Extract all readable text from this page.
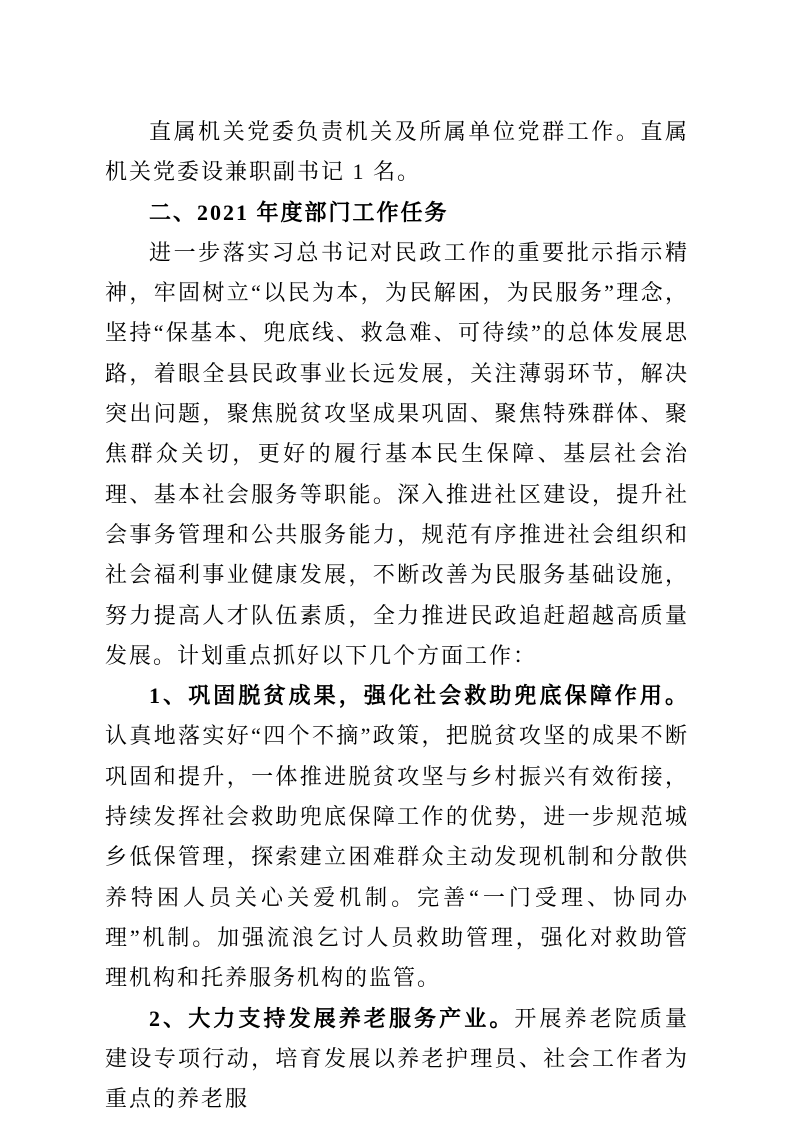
直属机关党委负责机关及所属单位党群工作。直属机关党委设兼职副书记 1 名。

二、2021 年度部门工作任务

进一步落实习总书记对民政工作的重要批示指示精神，牢固树立“以民为本，为民解困，为民服务”理念，坚持“保基本、兜底线、救急难、可待续”的总体发展思路，着眼全县民政事业长远发展，关注薄弱环节，解决突出问题，聚焦脱贫攻坚成果巩固、聚焦特殊群体、聚焦群众关切，更好的履行基本民生保障、基层社会治理、基本社会服务等职能。深入推进社区建设，提升社会事务管理和公共服务能力，规范有序推进社会组织和社会福利事业健康发展，不断改善为民服务基础设施，努力提高人才队伍素质，全力推进民政追赶超越高质量发展。计划重点抓好以下几个方面工作：

1、巩固脱贫成果，强化社会救助兜底保障作用。认真地落实好“四个不摘”政策，把脱贫攻坚的成果不断巩固和提升，一体推进脱贫攻坚与乡村振兴有效衔接，持续发挥社会救助兜底保障工作的优势，进一步规范城乡低保管理，探索建立困难群众主动发现机制和分散供养特困人员关心关爱机制。完善“一门受理、协同办理”机制。加强流浪乞讨人员救助管理，强化对救助管理机构和托养服务机构的监管。

2、大力支持发展养老服务产业。开展养老院质量建设专项行动，培育发展以养老护理员、社会工作者为重点的养老服
